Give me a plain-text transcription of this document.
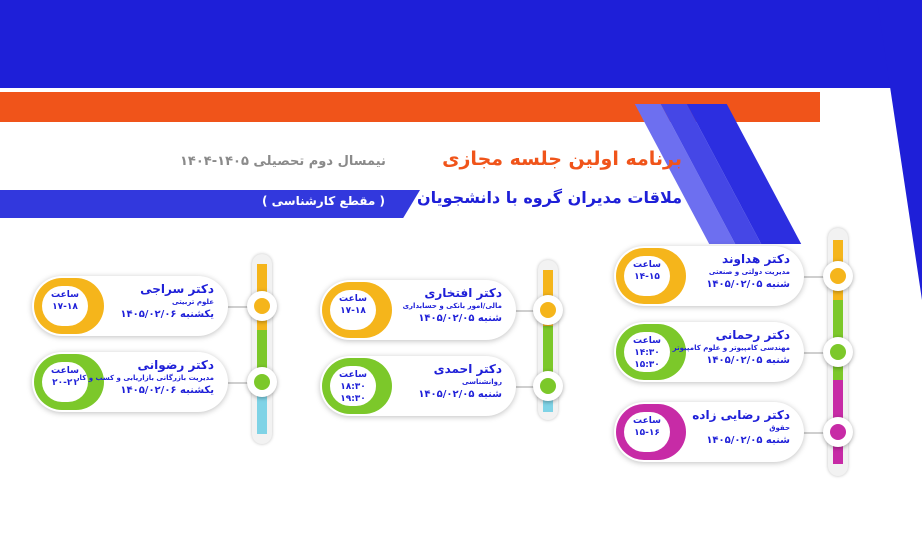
برنامه اولین جلسه مجازی
نیمسال دوم تحصیلی ۱۴۰۵-۱۴۰۴
ملاقات مدیران گروه با دانشجویان
( مقطع کارشناسی )
ساعت
۱۴-۱۵
دکتر هداوند
مدیریت دولتی و صنعتی
شنبه ۱۴۰۵/۰۲/۰۵
ساعت
۱۴:۳۰ ۱۵:۳۰
دکتر رحمانی
مهندسی کامپیوتر و علوم کامپیوتر
شنبه ۱۴۰۵/۰۲/۰۵
ساعت
۱۵-۱۶
دکتر رضایی زاده
حقوق
شنبه ۱۴۰۵/۰۲/۰۵
ساعت
۱۷-۱۸
دکتر افتخاری
مالی/امور بانکی و حسابداری
شنبه ۱۴۰۵/۰۲/۰۵
ساعت
۱۸:۳۰ ۱۹:۳۰
دکتر احمدی
روانشناسی
شنبه ۱۴۰۵/۰۲/۰۵
ساعت
۱۷-۱۸
دکتر سراجی
علوم تربیتی
یکشنبه ۱۴۰۵/۰۲/۰۶
ساعت
۲۰-۲۱
دکتر رضوانی
مدیریت بازرگانی بازاریابی و کسب و کار
یکشنبه ۱۴۰۵/۰۲/۰۶
